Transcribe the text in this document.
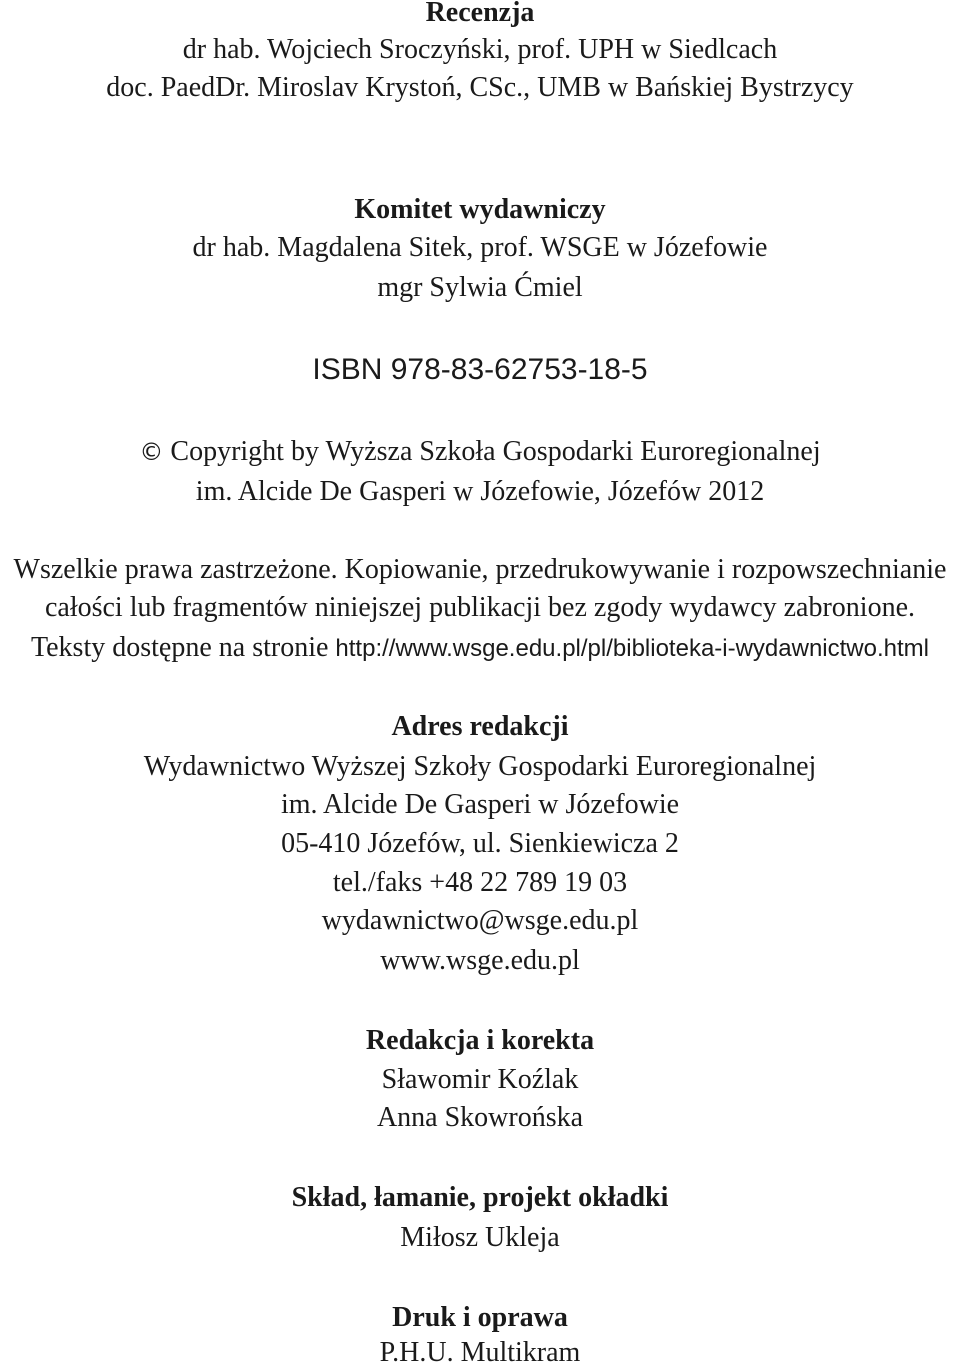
Recenzja
dr hab. Wojciech Sroczyński, prof. UPH w Siedlcach
doc. PaedDr. Miroslav Krystoń, CSc., UMB w Bańskiej Bystrzycy
Komitet wydawniczy
dr hab. Magdalena Sitek, prof. WSGE w Józefowie
mgr Sylwia Ćmiel
ISBN 978-83-62753-18-5
© Copyright by Wyższa Szkoła Gospodarki Euroregionalnej
im. Alcide De Gasperi w Józefowie, Józefów 2012
Wszelkie prawa zastrzeżone. Kopiowanie, przedrukowywanie i rozpowszechnianie
całości lub fragmentów niniejszej publikacji bez zgody wydawcy zabronione.
Teksty dostępne na stronie http://www.wsge.edu.pl/pl/biblioteka-i-wydawnictwo.html
Adres redakcji
Wydawnictwo Wyższej Szkoły Gospodarki Euroregionalnej
im. Alcide De Gasperi w Józefowie
05-410 Józefów, ul. Sienkiewicza 2
tel./faks +48 22 789 19 03
wydawnictwo@wsge.edu.pl
www.wsge.edu.pl
Redakcja i korekta
Sławomir Koźlak
Anna Skowrońska
Skład, łamanie, projekt okładki
Miłosz Ukleja
Druk i oprawa
P.H.U. Multikram
